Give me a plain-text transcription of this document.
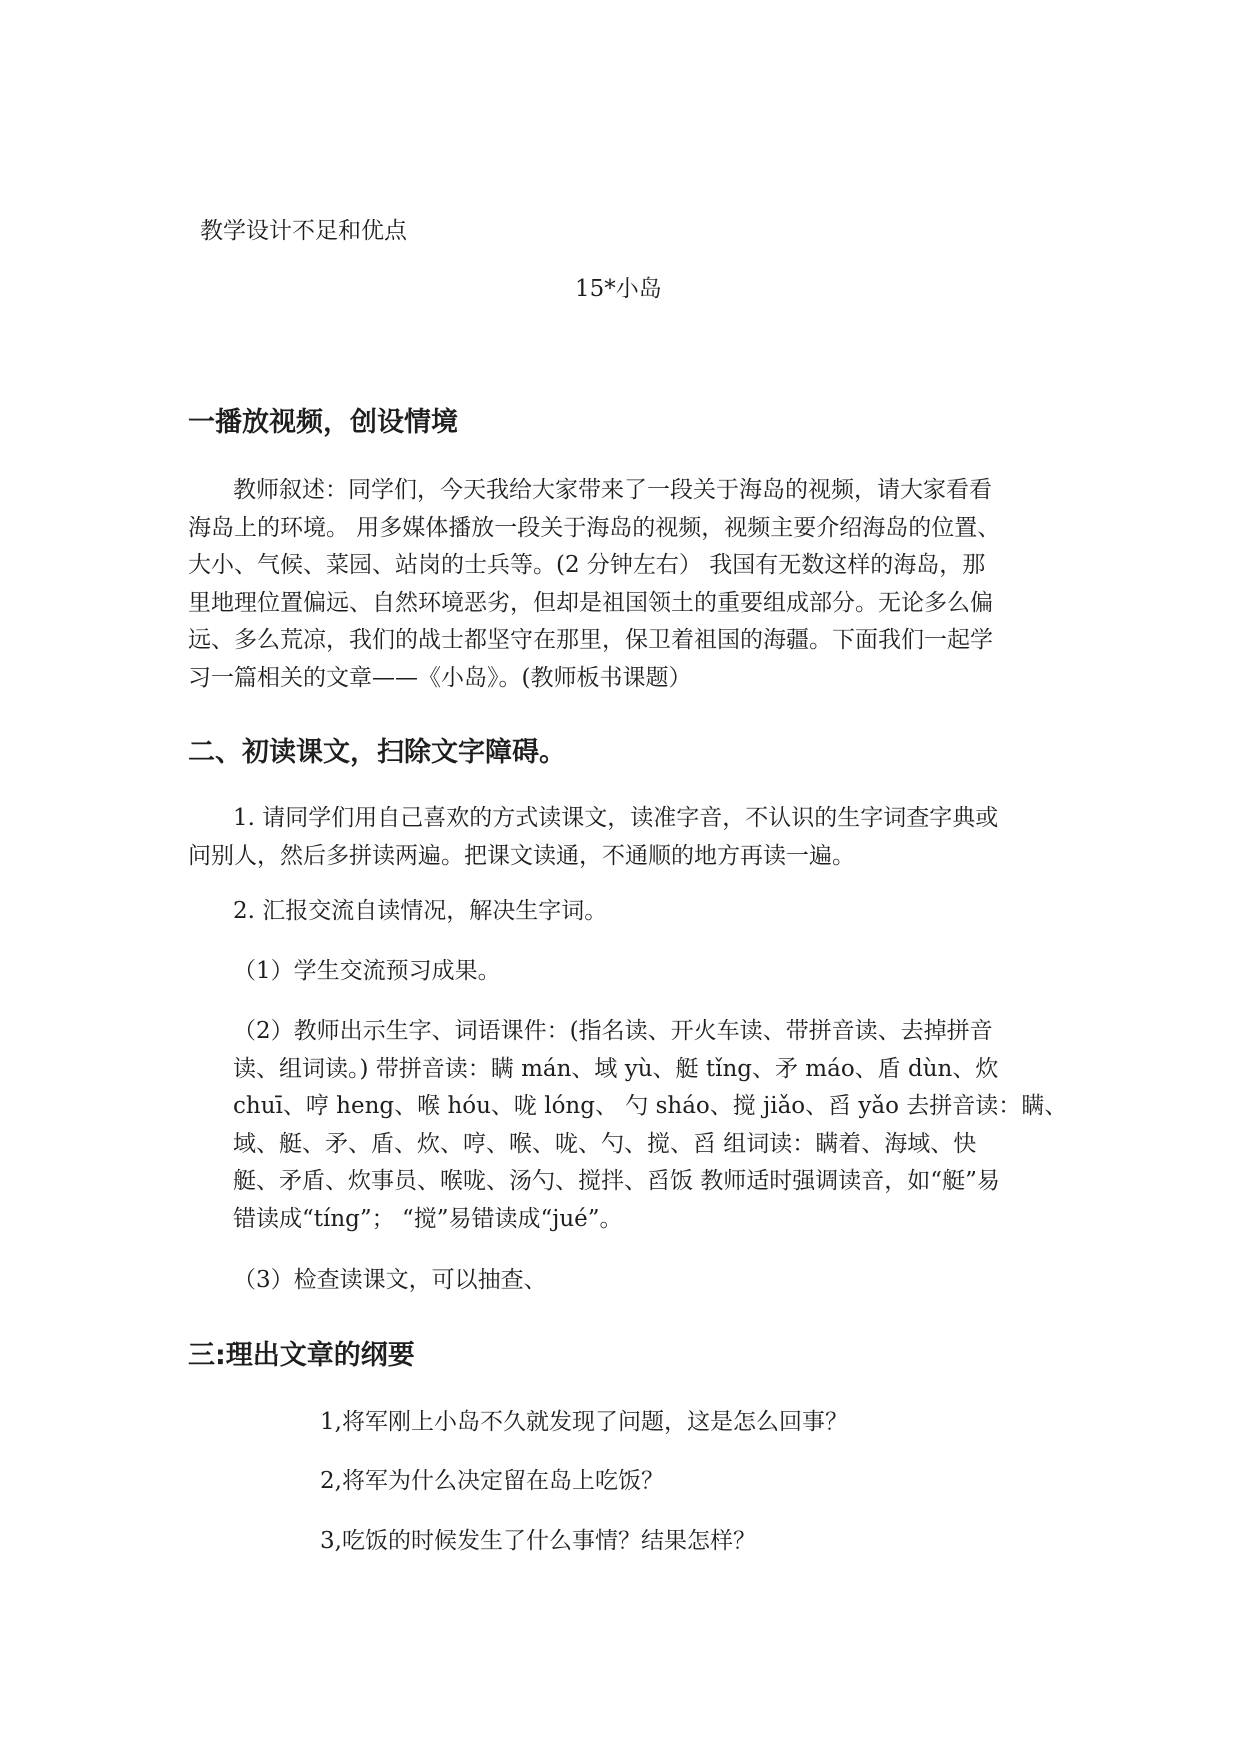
教学设计不足和优点
15*小岛
一播放视频，创设情境
教师叙述：同学们，今天我给大家带来了一段关于海岛的视频，请大家看看
海岛上的环境。 用多媒体播放一段关于海岛的视频，视频主要介绍海岛的位置、
大小、气候、菜园、站岗的士兵等。(2 分钟左右） 我国有无数这样的海岛，那
里地理位置偏远、自然环境恶劣，但却是祖国领土的重要组成部分。无论多么偏
远、多么荒凉，我们的战士都坚守在那里，保卫着祖国的海疆。下面我们一起学
习一篇相关的文章——《小岛》。(教师板书课题）
二、初读课文，扫除文字障碍。
1. 请同学们用自己喜欢的方式读课文，读准字音，不认识的生字词查字典或
问别人，然后多拼读两遍。把课文读通，不通顺的地方再读一遍。
2. 汇报交流自读情况，解决生字词。
（1）学生交流预习成果。
（2）教师出示生字、词语课件：(指名读、开火车读、带拼音读、去掉拼音
读、组词读。) 带拼音读：瞒 mán、域 yù、艇 tǐng、矛 máo、盾 dùn、炊
chuī、哼 heng、喉 hóu、咙 lóng、 勺 sháo、搅 jiǎo、舀 yǎo 去拼音读：瞒、
域、艇、矛、盾、炊、哼、喉、咙、勺、搅、舀 组词读：瞒着、海域、快
艇、矛盾、炊事员、喉咙、汤勺、搅拌、舀饭 教师适时强调读音，如“艇”易
错读成“tíng”； “搅”易错读成“jué”。
（3）检查读课文，可以抽查、
三:理出文章的纲要
1,将军刚上小岛不久就发现了问题，这是怎么回事？
2,将军为什么决定留在岛上吃饭？
3,吃饭的时候发生了什么事情？结果怎样？
